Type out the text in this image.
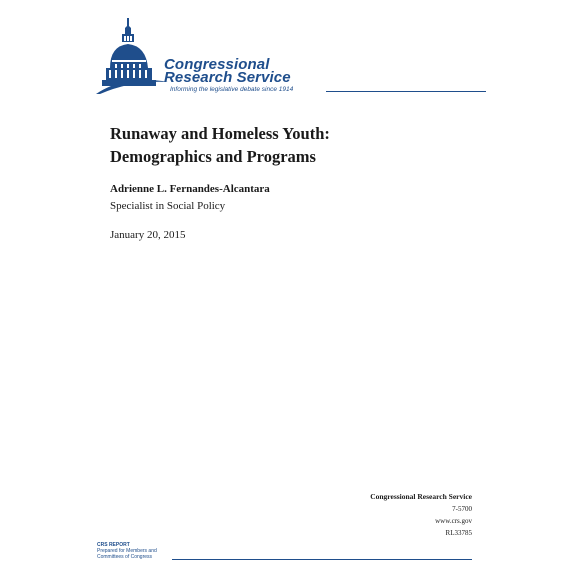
Congressional
Research Service
Informing the legislative debate since 1914
Runaway and Homeless Youth:
Demographics and Programs
Adrienne L. Fernandes-Alcantara
Specialist in Social Policy
January 20, 2015
Congressional Research Service
7-5700
www.crs.gov
RL33785
CRS REPORT
Prepared for Members and
Committees of Congress
